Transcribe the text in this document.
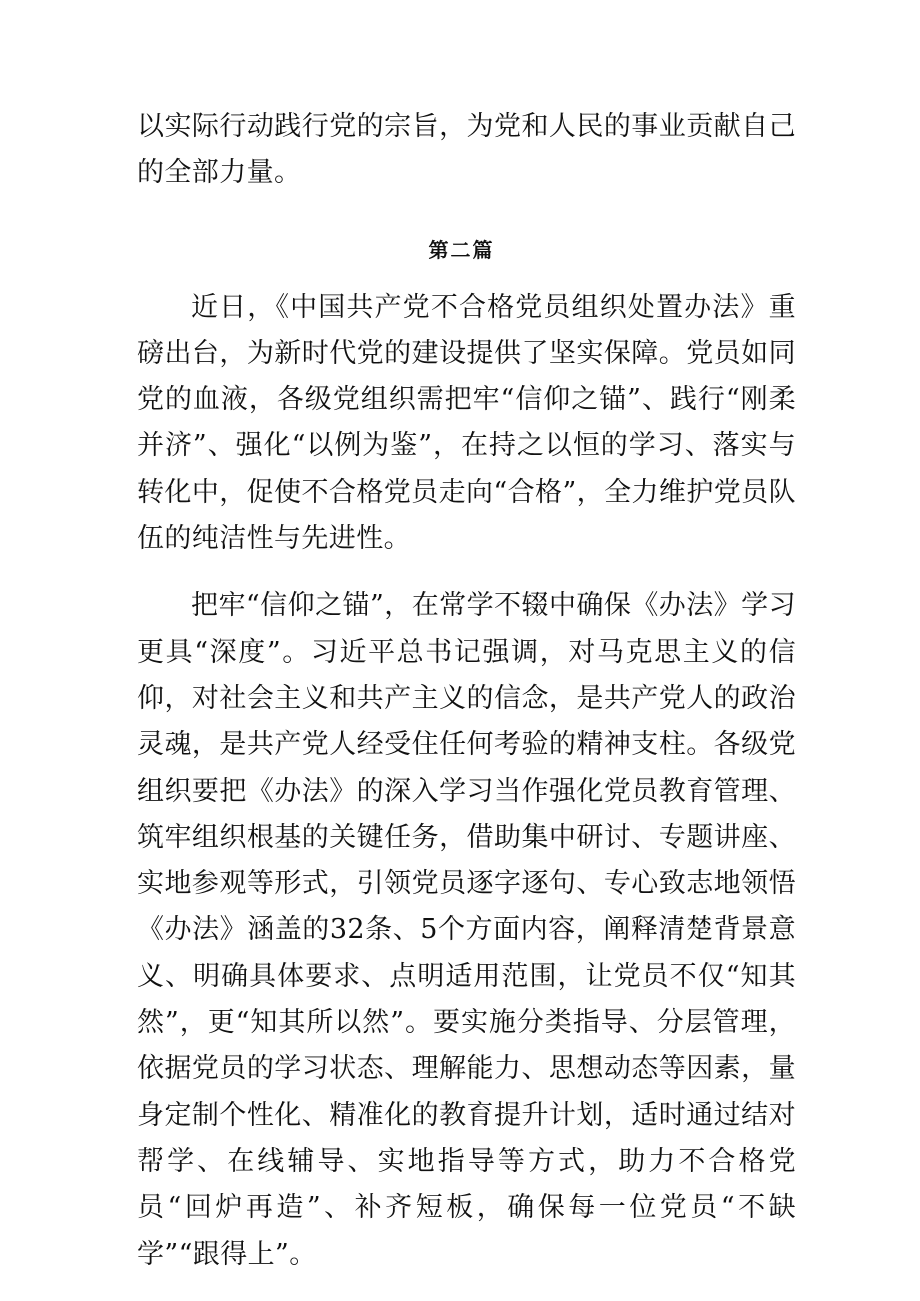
以实际行动践行党的宗旨，为党和人民的事业贡献自己的全部力量。

第二篇

近日，《中国共产党不合格党员组织处置办法》重磅出台，为新时代党的建设提供了坚实保障。党员如同党的血液，各级党组织需把牢“信仰之锚”、践行“刚柔并济”、强化“以例为鉴”，在持之以恒的学习、落实与转化中，促使不合格党员走向“合格”，全力维护党员队伍的纯洁性与先进性。

把牢“信仰之锚”，在常学不辍中确保《办法》学习更具“深度”。习近平总书记强调，对马克思主义的信仰，对社会主义和共产主义的信念，是共产党人的政治灵魂，是共产党人经受住任何考验的精神支柱。各级党组织要把《办法》的深入学习当作强化党员教育管理、筑牢组织根基的关键任务，借助集中研讨、专题讲座、实地参观等形式，引领党员逐字逐句、专心致志地领悟《办法》涵盖的32条、5个方面内容，阐释清楚背景意义、明确具体要求、点明适用范围，让党员不仅“知其然”，更“知其所以然”。要实施分类指导、分层管理，依据党员的学习状态、理解能力、思想动态等因素，量身定制个性化、精准化的教育提升计划，适时通过结对帮学、在线辅导、实地指导等方式，助力不合格党员“回炉再造”、补齐短板，确保每一位党员“不缺学”“跟得上”。
